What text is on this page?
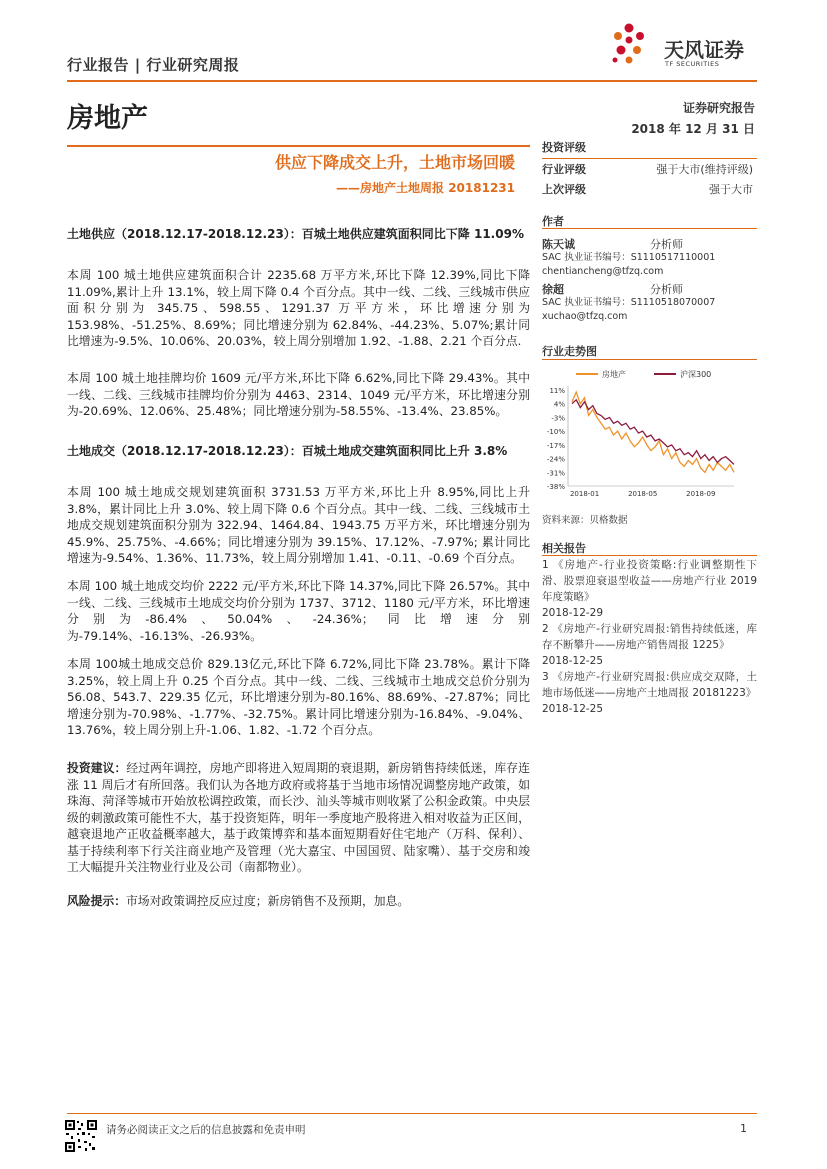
行业报告 | 行业研究周报
天风证券
TF SECURITIES
房地产	证券研究报告
2018 年 12 月 31 日
供应下降成交上升，土地市场回暖
——房地产土地周报 20181231
土地供应（2018.12.17-2018.12.23）：百城土地供应建筑面积同比下降 11.09%
本周 100 城土地供应建筑面积合计 2235.68 万平方米,环比下降 12.39%,同比下降 11.09%,累计上升 13.1%，较上周下降 0.4 个百分点。其中一线、二线、三线城市供应面积分别为 345.75、598.55、1291.37 万平方米，环比增速分别为 153.98%、-51.25%、8.69%；同比增速分别为 62.84%、-44.23%、5.07%;累计同比增速为-9.5%、10.06%、20.03%，较上周分别增加 1.92、-1.88、2.21 个百分点.
本周 100 城土地挂牌均价 1609 元/平方米,环比下降 6.62%,同比下降 29.43%。其中一线、二线、三线城市挂牌均价分别为 4463、2314、1049 元/平方米，环比增速分别为-20.69%、12.06%、25.48%；同比增速分别为-58.55%、-13.4%、23.85%。
土地成交（2018.12.17-2018.12.23）：百城土地成交建筑面积同比上升 3.8%
本周 100 城土地成交规划建筑面积 3731.53 万平方米,环比上升 8.95%,同比上升 3.8%，累计同比上升 3.0%、较上周下降 0.6 个百分点。其中一线、二线、三线城市土地成交规划建筑面积分别为 322.94、1464.84、1943.75 万平方米，环比增速分别为 45.9%、25.75%、-4.66%；同比增速分别为 39.15%、17.12%、-7.97%; 累计同比增速为-9.54%、1.36%、11.73%，较上周分别增加 1.41、-0.11、-0.69 个百分点。
本周 100 城土地成交均价 2222 元/平方米,环比下降 14.37%,同比下降 26.57%。其中一线、二线、三线城市土地成交均价分别为 1737、3712、1180 元/平方米，环比增速分别为-86.4%、50.04%、-24.36%；同比增速分别为-79.14%、-16.13%、-26.93%。
本周 100城土地成交总价 829.13亿元,环比下降 6.72%,同比下降 23.78%。累计下降 3.25%，较上周上升 0.25 个百分点。其中一线、二线、三线城市土地成交总价分别为 56.08、543.7、229.35 亿元，环比增速分别为-80.16%、88.69%、-27.87%；同比增速分别为-70.98%、-1.77%、-32.75%。累计同比增速分别为-16.84%、-9.04%、13.76%，较上周分别上升-1.06、1.82、-1.72 个百分点。
投资建议：经过两年调控，房地产即将进入短周期的衰退期，新房销售持续低迷，库存连涨 11 周后才有所回落。我们认为各地方政府或将基于当地市场情况调整房地产政策，如珠海、菏泽等城市开始放松调控政策，而长沙、汕头等城市则收紧了公积金政策。中央层级的刺激政策可能性不大，基于投资矩阵，明年一季度地产股将进入相对收益为正区间，越衰退地产正收益概率越大，基于政策博弈和基本面短期看好住宅地产（万科、保利）、基于持续利率下行关注商业地产及管理（光大嘉宝、中国国贸、陆家嘴）、基于交房和竣工大幅提升关注物业行业及公司（南都物业）。
风险提示：市场对政策调控反应过度；新房销售不及预期，加息。
投资评级
行业评级	强于大市(维持评级)
上次评级	强于大市
作者
陈天诚	分析师
SAC 执业证书编号：S1110517110001
chentiancheng@tfzq.com
徐超	分析师
SAC 执业证书编号：S1110518070007
xuchao@tfzq.com
行业走势图
房地产	沪深300
11%
4%
-3%
-10%
-17%
-24%
-31%
-38%
2018-01	2018-05	2018-09
资料来源：贝格数据
相关报告
1 《房地产-行业投资策略:行业调整期性下滑、股票迎衰退型收益——房地产行业 2019 年度策略》
2018-12-29
2 《房地产-行业研究周报:销售持续低迷，库存不断攀升——房地产销售周报 1225》
2018-12-25
3 《房地产-行业研究周报:供应成交双降，土地市场低迷——房地产土地周报 20181223》
2018-12-25
请务必阅读正文之后的信息披露和免责申明	1
